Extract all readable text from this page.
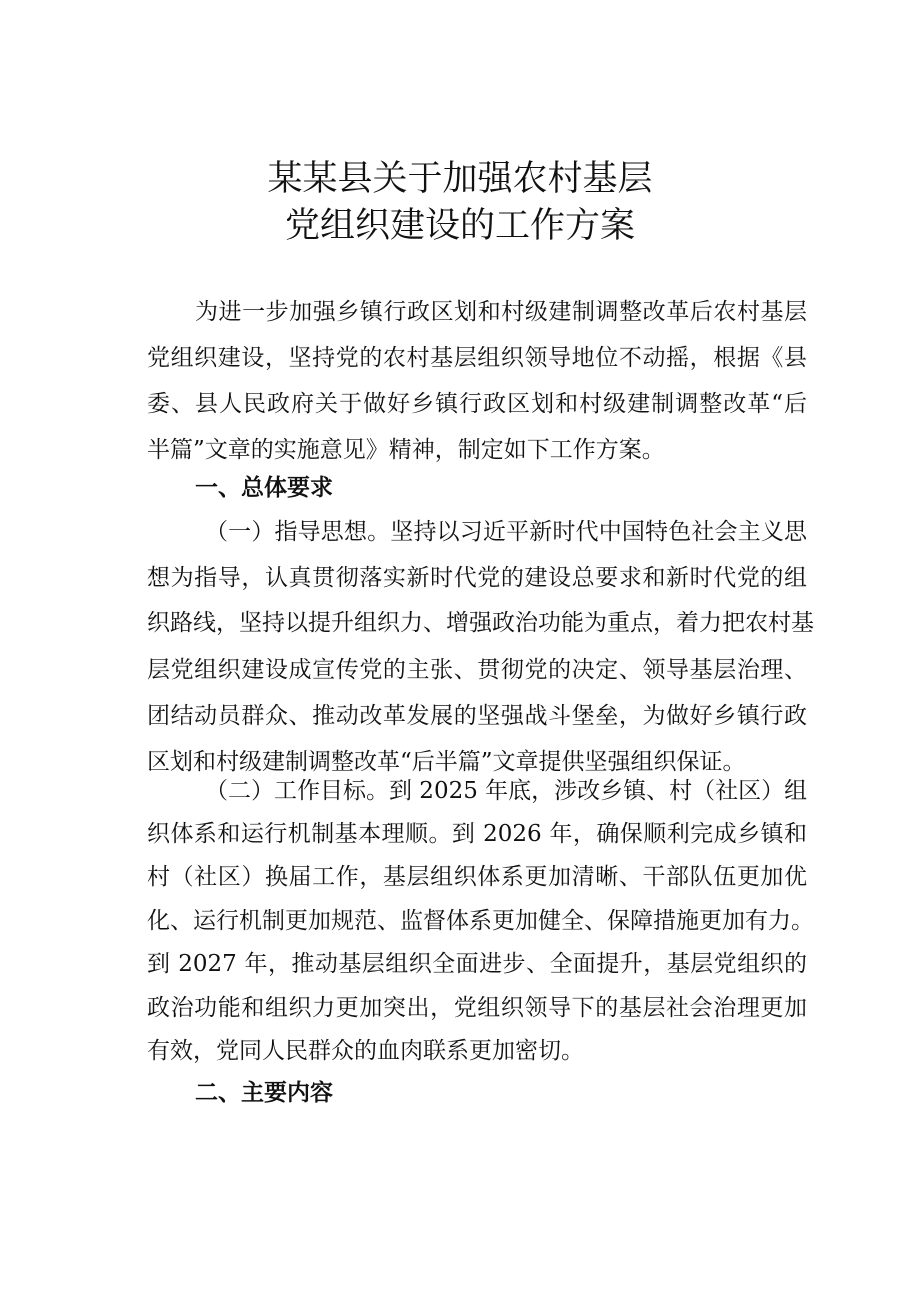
某某县关于加强农村基层
党组织建设的工作方案

为进一步加强乡镇行政区划和村级建制调整改革后农村基层

党组织建设，坚持党的农村基层组织领导地位不动摇，根据《县

委、县人民政府关于做好乡镇行政区划和村级建制调整改革“后

半篇”文章的实施意见》精神，制定如下工作方案。

一、总体要求

（一）指导思想。坚持以习近平新时代中国特色社会主义思

想为指导，认真贯彻落实新时代党的建设总要求和新时代党的组

织路线，坚持以提升组织力、增强政治功能为重点，着力把农村基

层党组织建设成宣传党的主张、贯彻党的决定、领导基层治理、

团结动员群众、推动改革发展的坚强战斗堡垒，为做好乡镇行政

区划和村级建制调整改革“后半篇”文章提供坚强组织保证。

（二）工作目标。到 2025 年底，涉改乡镇、村（社区）组

织体系和运行机制基本理顺。到 2026 年，确保顺利完成乡镇和

村（社区）换届工作，基层组织体系更加清晰、干部队伍更加优

化、运行机制更加规范、监督体系更加健全、保障措施更加有力。

到 2027 年，推动基层组织全面进步、全面提升，基层党组织的

政治功能和组织力更加突出，党组织领导下的基层社会治理更加

有效，党同人民群众的血肉联系更加密切。

二、主要内容
